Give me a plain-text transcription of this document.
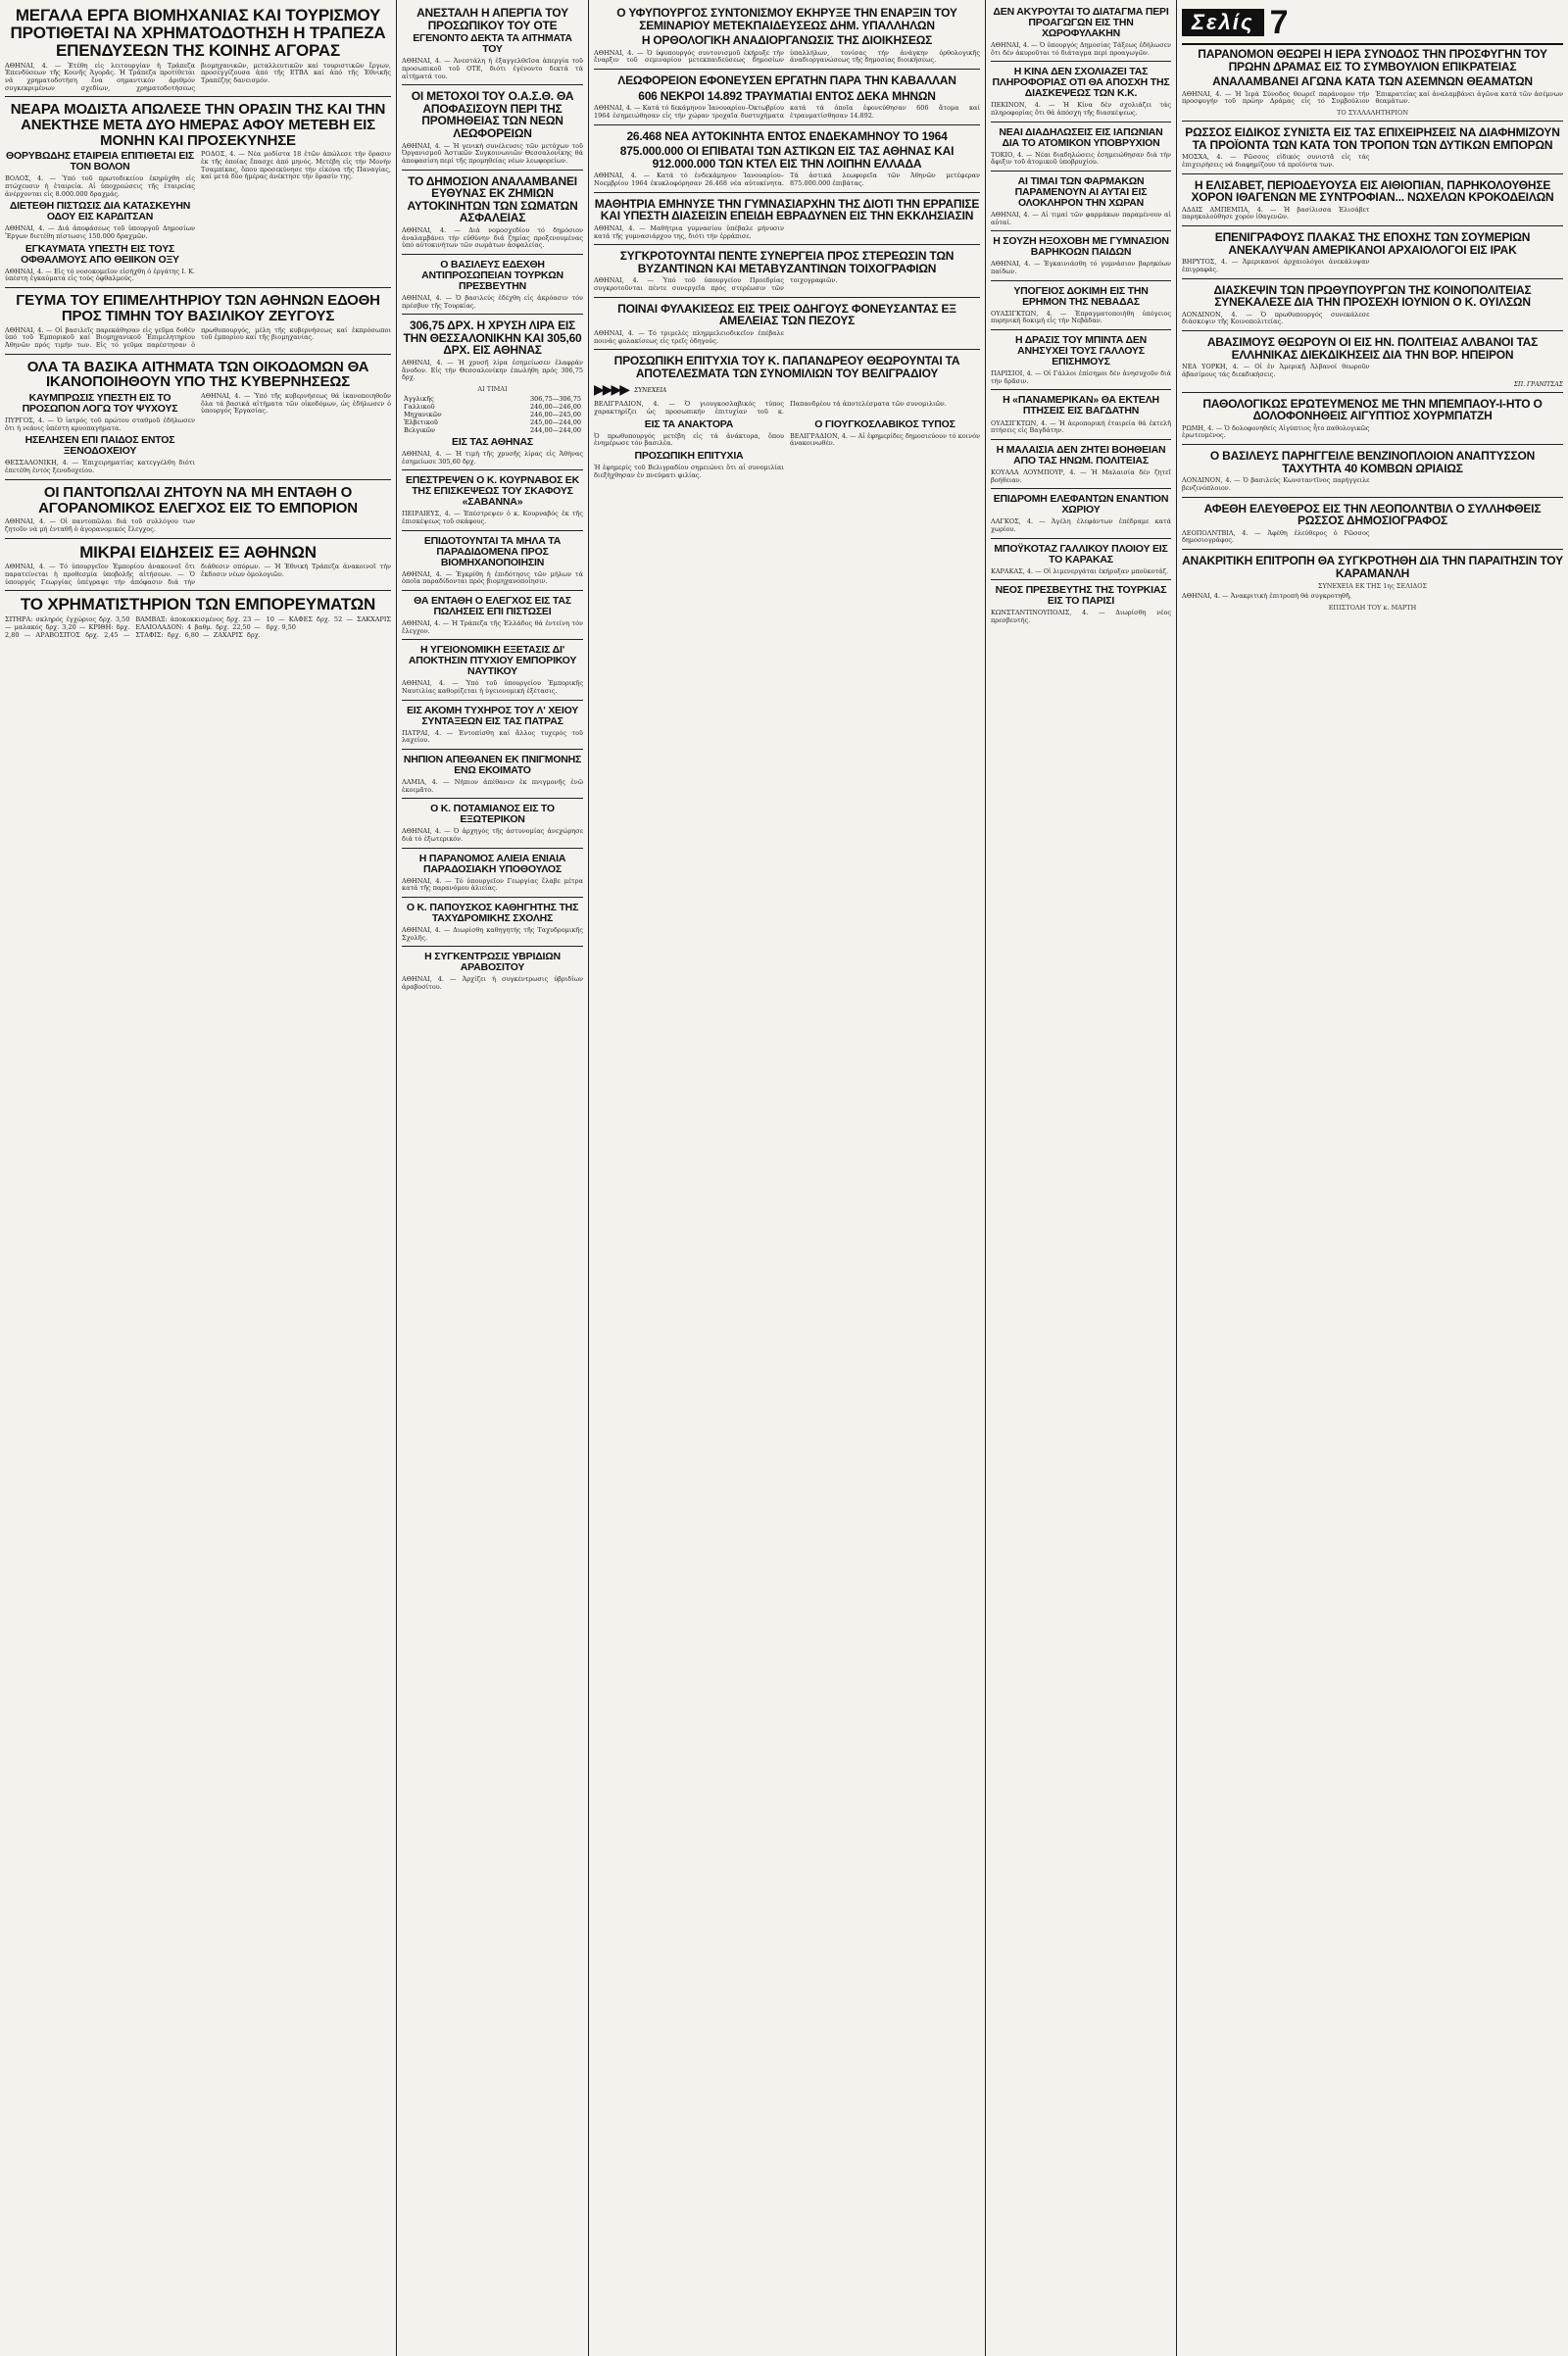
ΜΕΓΑΛΑ ΕΡΓΑ ΒΙΟΜΗΧΑΝΙΑΣ ΚΑΙ ΤΟΥΡΙΣΜΟΥ ΠΡΟΤΙΘΕΤΑΙ ΝΑ ΧΡΗΜΑΤΟΔΟΤΗΣΗ Η ΤΡΑΠΕΖΑ ΕΠΕΝΔΥΣΕΩΝ ΤΗΣ ΚΟΙΝΗΣ ΑΓΟΡΑΣ
ΑΘΗΝΑΙ, 4. — Ἐτέθη εἰς λειτουργίαν ἡ Τράπεζα Ἐπενδύσεων τῆς Κοινῆς Ἀγορᾶς. Ἡ Τράπεζα προτίθεται νά χρηματοδοτήση ἕνα σημαντικόν ἀριθμόν συγκεκριμένων σχεδίων, χρηματοδοτήσεως βιομηχανικῶν, μεταλλευτικῶν καί τουριστικῶν ἔργων, προσεγγίζουσα ἀπό τῆς ΕΤΒΑ καί ἀπό τῆς Ἐθνικῆς Τραπέζης δανεισμόν.
ΝΕΑΡΑ ΜΟΔΙΣΤΑ ΑΠΩΛΕΣΕ ΤΗΝ ΟΡΑΣΙΝ ΤΗΣ ΚΑΙ ΤΗΝ ΑΝΕΚΤΗΣΕ ΜΕΤΑ ΔΥΟ ΗΜΕΡΑΣ ΑΦΟΥ ΜΕΤΕΒΗ ΕΙΣ ΜΟΝΗΝ ΚΑΙ ΠΡΟΣΕΚΥΝΗΣΕ
ΘΟΡΥΒΩΔΗΣ ΕΤΑΙΡΕΙΑ ΕΠΙΤΙΘΕΤΑΙ ΕΙΣ ΤΟΝ ΒΟΛΟΝ
ΒΟΛΟΣ, 4. — Ὑπό τοῦ πρωτοδικείου ἐκηρύχθη εἰς πτώχευσιν ἡ ἑταιρεία. Αἱ ὑποχρεώσεις τῆς ἑταιρείας ἀνέρχονται εἰς 8.000.000 δραχμάς.
ΔΙΕΤΕΘΗ ΠΙΣΤΩΣΙΣ ΔΙΑ ΚΑΤΑΣΚΕΥΗΝ ΟΔΟΥ ΕΙΣ ΚΑΡΔΙΤΣΑΝ
ΑΘΗΝΑΙ, 4. — Διά ἀποφάσεως τοῦ ὑπουργοῦ Δημοσίων Ἔργων διετέθη πίστωσις 150.000 δραχμῶν.
ΕΓΚΑΥΜΑΤΑ ΥΠΕΣΤΗ ΕΙΣ ΤΟΥΣ ΟΦΘΑΛΜΟΥΣ ΑΠΟ ΘΕΙΙΚΟΝ ΟΞΥ
ΑΘΗΝΑΙ, 4. — Εἰς τό νοσοκομεῖον εἰσήχθη ὁ ἐργάτης Ι. Κ. ὑπέστη ἐγκαύματα εἰς τούς ὀφθαλμούς.
ΡΟΔΟΣ, 4. — Νέα μοδίστα 18 ἐτῶν ἀπώλεσε τήν ὅρασιν ἐκ τῆς ὁποίας ἔπασχε ἀπό μηνός. Μετέβη εἰς τήν Μονήν Τσαμπίκας, ὅπου προσεκύνησε τήν εἰκόνα τῆς Παναγίας, καί μετά δύο ἡμέρας ἀνέκτησε τήν ὅρασίν της.
ΓΕΥΜΑ ΤΟΥ ΕΠΙΜΕΛΗΤΗΡΙΟΥ ΤΩΝ ΑΘΗΝΩΝ ΕΔΟΘΗ ΠΡΟΣ ΤΙΜΗΝ ΤΟΥ ΒΑΣΙΛΙΚΟΥ ΖΕΥΓΟΥΣ
ΑΘΗΝΑΙ, 4. — Οἱ βασιλεῖς παρεκάθησαν εἰς γεῦμα δοθέν ὑπό τοῦ Ἐμπορικοῦ καί Βιομηχανικοῦ Ἐπιμελητηρίου Ἀθηνῶν πρός τιμήν των. Εἰς τό γεῦμα παρέστησαν ὁ πρωθυπουργός, μέλη τῆς κυβερνήσεως καί ἐκπρόσωποι τοῦ ἐμπορίου καί τῆς βιομηχανίας.
ΟΛΑ ΤΑ ΒΑΣΙΚΑ ΑΙΤΗΜΑΤΑ ΤΩΝ ΟΙΚΟΔΟΜΩΝ ΘΑ ΙΚΑΝΟΠΟΙΗΘΟΥΝ ΥΠΟ ΤΗΣ ΚΥΒΕΡΝΗΣΕΩΣ
ΚΑΥΜΠΡΩΣΙΣ ΥΠΕΣΤΗ ΕΙΣ ΤΟ ΠΡΟΣΩΠΟΝ ΛΟΓΩ ΤΟΥ ΨΥΧΟΥΣ
ΠΥΡΓΟΣ, 4. — Ὁ ἰατρός τοῦ πρώτου σταθμοῦ ἐδήλωσεν ὅτι ἡ νεάνις ὑπέστη κρυοπαγήματα.
ΗΣΕΛΗΣΕΝ ΕΠΙ ΠΑΙΔΟΣ ΕΝΤΟΣ ΞΕΝΟΔΟΧΕΙΟΥ
ΘΕΣΣΑΛΟΝΙΚΗ, 4. — Ἐπιχειρηματίας κατεγγέλθη διότι ἐπετέθη ἐντός ξενοδοχείου.
ΑΘΗΝΑΙ, 4. — Ὑπό τῆς κυβερνήσεως θά ἱκανοποιηθοῦν ὅλα τά βασικά αἰτήματα τῶν οἰκοδόμων, ὡς ἐδήλωσεν ὁ ὑπουργός Ἐργασίας.
ΟΙ ΠΑΝΤΟΠΩΛΑΙ ΖΗΤΟΥΝ ΝΑ ΜΗ ΕΝΤΑΘΗ Ο ΑΓΟΡΑΝΟΜΙΚΟΣ ΕΛΕΓΧΟΣ ΕΙΣ ΤΟ ΕΜΠΟΡΙΟΝ
ΑΘΗΝΑΙ, 4. — Οἱ παντοπῶλαι διά τοῦ συλλόγου των ζητοῦν νά μή ἐνταθῆ ὁ ἀγορανομικός ἔλεγχος.
ΜΙΚΡΑΙ ΕΙΔΗΣΕΙΣ ΕΞ ΑΘΗΝΩΝ
ΑΘΗΝΑΙ, 4. — Τό ὑπουργεῖον Ἐμπορίου ἀνακοινοῖ ὅτι παρατείνεται ἡ προθεσμία ὑποβολῆς αἰτήσεων. — Ὁ ὑπουργός Γεωργίας ὑπέγραψε τήν ἀπόφασιν διά τήν διάθεσιν σπόρων. — Ἡ Ἐθνική Τράπεζα ἀνακοινοῖ τήν ἔκδοσιν νέων ὁμολογιῶν.
ΤΟ ΧΡΗΜΑΤΙΣΤΗΡΙΟΝ ΤΩΝ ΕΜΠΟΡΕΥΜΑΤΩΝ
ΣΙΤΗΡΑ: σκληρός ἐγχώριος δρχ. 3,50 — μαλακός δρχ. 3,20 — ΚΡΙΘΗ: δρχ. 2,80 — ΑΡΑΒΟΣΙΤΟΣ δρχ. 2,45 — ΒΑΜΒΑΞ: ἀποκοκκισμένος δρχ. 23 — ΕΛΑΙΟΛΑΔΟΝ: 4 βαθμ. δρχ. 22,50 — ΣΤΑΦΙΣ: δρχ. 6,80 — ΖΑΧΑΡΙΣ δρχ. 10 — ΚΑΦΕΣ δρχ. 52 — ΣΑΚΧΑΡΙΣ δρχ. 9,50
ΑΝΕΣΤΑΛΗ Η ΑΠΕΡΓΙΑ ΤΟΥ ΠΡΟΣΩΠΙΚΟΥ ΤΟΥ ΟΤΕ
ΕΓΕΝΟΝΤΟ ΔΕΚΤΑ ΤΑ ΑΙΤΗΜΑΤΑ ΤΟΥ
ΑΘΗΝΑΙ, 4. — Ἀνεστάλη ἡ ἐξαγγελθεῖσα ἀπεργία τοῦ προσωπικοῦ τοῦ ΟΤΕ, διότι ἐγένοντο δεκτά τά αἰτήματά του.
ΟΙ ΜΕΤΟΧΟΙ ΤΟΥ Ο.Α.Σ.Θ. ΘΑ ΑΠΟΦΑΣΙΣΟΥΝ ΠΕΡΙ ΤΗΣ ΠΡΟΜΗΘΕΙΑΣ ΤΩΝ ΝΕΩΝ ΛΕΩΦΟΡΕΙΩΝ
ΑΘΗΝΑΙ, 4. — Ἡ γενική συνέλευσις τῶν μετόχων τοῦ Ὀργανισμοῦ Ἀστικῶν Συγκοινωνιῶν Θεσσαλονίκης θά ἀποφασίση περί τῆς προμηθείας νέων λεωφορείων.
ΤΟ ΔΗΜΟΣΙΟΝ ΑΝΑΛΑΜΒΑΝΕΙ ΕΥΘΥΝΑΣ ΕΚ ΖΗΜΙΩΝ ΑΥΤΟΚΙΝΗΤΩΝ ΤΩΝ ΣΩΜΑΤΩΝ ΑΣΦΑΛΕΙΑΣ
ΑΘΗΝΑΙ, 4. — Διά νομοσχεδίου τό δημόσιον ἀναλαμβάνει τήν εὐθύνην διά ζημίας προξενουμένας ὑπό αὐτοκινήτων τῶν σωμάτων ἀσφαλείας.
Ο ΒΑΣΙΛΕΥΣ ΕΔΕΧΘΗ ΑΝΤΙΠΡΟΣΩΠΕΙΑΝ ΤΟΥΡΚΩΝ ΠΡΕΣΒΕΥΤΗΝ
ΑΘΗΝΑΙ, 4. — Ὁ βασιλεύς ἐδέχθη εἰς ἀκρόασιν τόν πρέσβυν τῆς Τουρκίας.
306,75 ΔΡΧ. Η ΧΡΥΣΗ ΛΙΡΑ ΕΙΣ ΤΗΝ ΘΕΣΣΑΛΟΝΙΚΗΝ ΚΑΙ 305,60 ΔΡΧ. ΕΙΣ ΑΘΗΝΑΣ
ΑΘΗΝΑΙ, 4. — Ἡ χρυσῆ λίρα ἐσημείωσεν ἐλαφράν ἄνοδον. Εἰς τήν Θεσσαλονίκην ἐπωλήθη πρός 306,75 δρχ.
ΑΙ ΤΙΜΑΙ
Ἀγγλικῆς	306,75—306,75
Γαλλικοῦ	246,00—246,00
Μηχανικῶν	246,00—245,00
Ἐλβετικοῦ	245,00—244,00
Βελγικῶν	244,00—244,00
ΕΙΣ ΤΑΣ ΑΘΗΝΑΣ
ΑΘΗΝΑΙ, 4. — Ἡ τιμή τῆς χρυσῆς λίρας εἰς Ἀθήνας ἐσημείωσε 305,60 δρχ.
ΕΠΕΣΤΡΕΨΕΝ Ο Κ. ΚΟΥΡΝΑΒΟΣ ΕΚ ΤΗΣ ΕΠΙΣΚΕΨΕΩΣ ΤΟΥ ΣΚΑΦΟΥΣ «ΣΑΒΑΝΝΑ»
ΠΕΙΡΑΙΕΥΣ, 4. — Ἐπέστρεψεν ὁ κ. Κουρναβός ἐκ τῆς ἐπισκέψεως τοῦ σκάφους.
ΕΠΙΔΟΤΟΥΝΤΑΙ ΤΑ ΜΗΛΑ ΤΑ ΠΑΡΑΔΙΔΟΜΕΝΑ ΠΡΟΣ ΒΙΟΜΗΧΑΝΟΠΟΙΗΣΙΝ
ΑΘΗΝΑΙ, 4. — Ἐγκρίθη ἡ ἐπιδότησις τῶν μήλων τά ὁποῖα παραδίδονται πρός βιομηχανοποίησιν.
ΘΑ ΕΝΤΑΘΗ Ο ΕΛΕΓΧΟΣ ΕΙΣ ΤΑΣ ΠΩΛΗΣΕΙΣ ΕΠΙ ΠΙΣΤΩΣΕΙ
ΑΘΗΝΑΙ, 4. — Ἡ Τράπεζα τῆς Ἑλλάδος θά ἐντείνη τόν ἔλεγχον.
Η ΥΓΕΙΟΝΟΜΙΚΗ ΕΞΕΤΑΣΙΣ ΔΙ' ΑΠΟΚΤΗΣΙΝ ΠΤΥΧΙΟΥ ΕΜΠΟΡΙΚΟΥ ΝΑΥΤΙΚΟΥ
ΑΘΗΝΑΙ, 4. — Ὑπό τοῦ ὑπουργείου Ἐμπορικῆς Ναυτιλίας καθορίζεται ἡ ὑγειονομική ἐξέτασις.
ΕΙΣ ΑΚΟΜΗ ΤΥΧΗΡΟΣ ΤΟΥ Λ' ΧΕΙΟΥ ΣΥΝΤΑΞΕΩΝ ΕΙΣ ΤΑΣ ΠΑΤΡΑΣ
ΠΑΤΡΑΙ, 4. — Ἐντοπίσθη καί ἄλλος τυχερός τοῦ λαχείου.
ΝΗΠΙΟΝ ΑΠΕΘΑΝΕΝ ΕΚ ΠΝΙΓΜΟΝΗΣ ΕΝΩ ΕΚΟΙΜΑΤΟ
ΛΑΜΙΑ, 4. — Νήπιον ἀπέθανεν ἐκ πνιγμονῆς ἐνῶ ἐκοιμᾶτο.
Ο Κ. ΠΟΤΑΜΙΑΝΟΣ ΕΙΣ ΤΟ ΕΞΩΤΕΡΙΚΟΝ
ΑΘΗΝΑΙ, 4. — Ὁ ἀρχηγός τῆς ἀστυνομίας ἀνεχώρησε διά τό ἐξωτερικόν.
Η ΠΑΡΑΝΟΜΟΣ ΑΛΙΕΙΑ ΕΝΙΑΙΑ ΠΑΡΑΔΟΣΙΑΚΗ ΥΠΟΘΟΥΛΟΣ
ΑΘΗΝΑΙ, 4. — Τό ὑπουργεῖον Γεωργίας ἔλαβε μέτρα κατά τῆς παρανόμου ἁλιείας.
Ο Κ. ΠΑΠΟΥΣΚΟΣ ΚΑΘΗΓΗΤΗΣ ΤΗΣ ΤΑΧΥΔΡΟΜΙΚΗΣ ΣΧΟΛΗΣ
ΑΘΗΝΑΙ, 4. — Διωρίσθη καθηγητής τῆς Ταχυδρομικῆς Σχολῆς.
Η ΣΥΓΚΕΝΤΡΩΣΙΣ ΥΒΡΙΔΙΩΝ ΑΡΑΒΟΣΙΤΟΥ
ΑΘΗΝΑΙ, 4. — Ἀρχίζει ἡ συγκέντρωσις ὑβριδίων ἀραβοσίτου.
Ο ΥΦΥΠΟΥΡΓΟΣ ΣΥΝΤΟΝΙΣΜΟΥ ΕΚΗΡΥΞΕ ΤΗΝ ΕΝΑΡΞΙΝ ΤΟΥ ΣΕΜΙΝΑΡΙΟΥ ΜΕΤΕΚΠΑΙΔΕΥΣΕΩΣ ΔΗΜ. ΥΠΑΛΛΗΛΩΝ
Η ΟΡΘΟΛΟΓΙΚΗ ΑΝΑΔΙΟΡΓΑΝΩΣΙΣ ΤΗΣ ΔΙΟΙΚΗΣΕΩΣ
ΑΘΗΝΑΙ, 4. — Ὁ ὑφυπουργός συντονισμοῦ ἐκήρυξε τήν ἔναρξιν τοῦ σεμιναρίου μετεκπαιδεύσεως δημοσίων ὑπαλλήλων, τονίσας τήν ἀνάγκην ὀρθολογικῆς ἀναδιοργανώσεως τῆς δημοσίας διοικήσεως.
ΛΕΩΦΟΡΕΙΟΝ ΕΦΟΝΕΥΣΕΝ ΕΡΓΑΤΗΝ ΠΑΡΑ ΤΗΝ ΚΑΒΑΛΛΑΝ
606 ΝΕΚΡΟΙ 14.892 ΤΡΑΥΜΑΤΙΑΙ ΕΝΤΟΣ ΔΕΚΑ ΜΗΝΩΝ
ΑΘΗΝΑΙ, 4. — Κατά τό δεκάμηνον Ἰανουαρίου–Ὀκτωβρίου 1964 ἐσημειώθησαν εἰς τήν χώραν τροχαῖα δυστυχήματα κατά τά ὁποῖα ἐφονεύθησαν 606 ἄτομα καί ἐτραυματίσθησαν 14.892.
26.468 ΝΕΑ ΑΥΤΟΚΙΝΗΤΑ ΕΝΤΟΣ ΕΝΔΕΚΑΜΗΝΟΥ ΤΟ 1964
875.000.000 ΟΙ ΕΠΙΒΑΤΑΙ ΤΩΝ ΑΣΤΙΚΩΝ ΕΙΣ ΤΑΣ ΑΘΗΝΑΣ ΚΑΙ 912.000.000 ΤΩΝ ΚΤΕΛ ΕΙΣ ΤΗΝ ΛΟΙΠΗΝ ΕΛΛΑΔΑ
ΑΘΗΝΑΙ, 4. — Κατά τό ἑνδεκάμηνον Ἰανουαρίου–Νοεμβρίου 1964 ἐκυκλοφόρησαν 26.468 νέα αὐτοκίνητα. Τά ἀστικά λεωφορεῖα τῶν Ἀθηνῶν μετέφεραν 875.000.000 ἐπιβάτας.
ΜΑΘΗΤΡΙΑ ΕΜΗΝΥΣΕ ΤΗΝ ΓΥΜΝΑΣΙΑΡΧΗΝ ΤΗΣ ΔΙΟΤΙ ΤΗΝ ΕΡΡΑΠΙΣΕ ΚΑΙ ΥΠΕΣΤΗ ΔΙΑΣΕΙΣΙΝ ΕΠΕΙΔΗ ΕΒΡΑΔΥΝΕΝ ΕΙΣ ΤΗΝ ΕΚΚΛΗΣΙΑΣΙΝ
ΑΘΗΝΑΙ, 4. — Μαθήτρια γυμνασίου ὑπέβαλε μήνυσιν κατά τῆς γυμνασιάρχου της, διότι τήν ἐρράπισε.
ΣΥΓΚΡΟΤΟΥΝΤΑΙ ΠΕΝΤΕ ΣΥΝΕΡΓΕΙΑ ΠΡΟΣ ΣΤΕΡΕΩΣΙΝ ΤΩΝ ΒΥΖΑΝΤΙΝΩΝ ΚΑΙ ΜΕΤΑΒΥΖΑΝΤΙΝΩΝ ΤΟΙΧΟΓΡΑΦΙΩΝ
ΑΘΗΝΑΙ, 4. — Ὑπό τοῦ ὑπουργείου Προεδρίας συγκροτοῦνται πέντε συνεργεῖα πρός στερέωσιν τῶν τοιχογραφιῶν.
ΠΟΙΝΑΙ ΦΥΛΑΚΙΣΕΩΣ ΕΙΣ ΤΡΕΙΣ ΟΔΗΓΟΥΣ ΦΟΝΕΥΣΑΝΤΑΣ ΕΞ ΑΜΕΛΕΙΑΣ ΤΩΝ ΠΕΖΟΥΣ
ΑΘΗΝΑΙ, 4. — Τό τριμελές πλημμελειοδικεῖον ἐπέβαλε ποινάς φυλακίσεως εἰς τρεῖς ὁδηγούς.
ΠΡΟΣΩΠΙΚΗ ΕΠΙΤΥΧΙΑ ΤΟΥ Κ. ΠΑΠΑΝΔΡΕΟΥ ΘΕΩΡΟΥΝΤΑΙ ΤΑ ΑΠΟΤΕΛΕΣΜΑΤΑ ΤΩΝ ΣΥΝΟΜΙΛΙΩΝ ΤΟΥ ΒΕΛΙΓΡΑΔΙΟΥ
▶▶▶▶ ΣΥΝΕΧΕΙΑ
ΒΕΛΙΓΡΑΔΙΟΝ, 4. — Ὁ γιουγκοσλαβικός τύπος χαρακτηρίζει ὡς προσωπικήν ἐπιτυχίαν τοῦ κ. Παπανδρέου τά ἀποτελέσματα τῶν συνομιλιῶν.
ΕΙΣ ΤΑ ΑΝΑΚΤΟΡΑ
Ὁ πρωθυπουργός μετέβη εἰς τά ἀνάκτορα, ὅπου ἐνημέρωσε τόν βασιλέα.
ΠΡΟΣΩΠΙΚΗ ΕΠΙΤΥΧΙΑ
Ἡ ἐφημερίς τοῦ Βελιγραδίου σημειώνει ὅτι αἱ συνομιλίαι διεξήχθησαν ἐν πνεύματι φιλίας.
Ο ΓΙΟΥΓΚΟΣΛΑΒΙΚΟΣ ΤΥΠΟΣ
ΒΕΛΙΓΡΑΔΙΟΝ, 4. — Αἱ ἐφημερίδες δημοσιεύουν τό κοινόν ἀνακοινωθέν.
ΔΕΝ ΑΚΥΡΟΥΤΑΙ ΤΟ ΔΙΑΤΑΓΜΑ ΠΕΡΙ ΠΡΟΑΓΩΓΩΝ ΕΙΣ ΤΗΝ ΧΩΡΟΦΥΛΑΚΗΝ
ΑΘΗΝΑΙ, 4. — Ὁ ὑπουργός Δημοσίας Τάξεως ἐδήλωσεν ὅτι δέν ἀκυροῦται τό διάταγμα περί προαγωγῶν.
Η ΚΙΝΑ ΔΕΝ ΣΧΟΛΙΑΖΕΙ ΤΑΣ ΠΛΗΡΟΦΟΡΙΑΣ ΟΤΙ ΘΑ ΑΠΟΣΧΗ ΤΗΣ ΔΙΑΣΚΕΨΕΩΣ ΤΩΝ Κ.Κ.
ΠΕΚΙΝΟΝ, 4. — Ἡ Κίνα δέν σχολιάζει τάς πληροφορίας ὅτι θά ἀπόσχη τῆς διασκέψεως.
ΝΕΑΙ ΔΙΑΔΗΛΩΣΕΙΣ ΕΙΣ ΙΑΠΩΝΙΑΝ ΔΙΑ ΤΟ ΑΤΟΜΙΚΟΝ ΥΠΟΒΡΥΧΙΟΝ
ΤΟΚΙΟ, 4. — Νέαι διαδηλώσεις ἐσημειώθησαν διά τήν ἄφιξιν τοῦ ἀτομικοῦ ὑποβρυχίου.
ΑΙ ΤΙΜΑΙ ΤΩΝ ΦΑΡΜΑΚΩΝ ΠΑΡΑΜΕΝΟΥΝ ΑΙ ΑΥΤΑΙ ΕΙΣ ΟΛΟΚΛΗΡΟΝ ΤΗΝ ΧΩΡΑΝ
ΑΘΗΝΑΙ, 4. — Αἱ τιμαί τῶν φαρμάκων παραμένουν αἱ αὐταί.
Η ΣΟΥΖΗ ΗΞΟΧΟΒΗ ΜΕ ΓΥΜΝΑΣΙΟΝ ΒΑΡΗΚΟΩΝ ΠΑΙΔΩΝ
ΑΘΗΝΑΙ, 4. — Ἐγκαινιάσθη τό γυμνάσιον βαρηκόων παίδων.
ΥΠΟΓΕΙΟΣ ΔΟΚΙΜΗ ΕΙΣ ΤΗΝ ΕΡΗΜΟΝ ΤΗΣ ΝΕΒΑΔΑΣ
ΟΥΑΣΙΓΚΤΩΝ, 4. — Ἐπραγματοποιήθη ὑπόγειος πυρηνική δοκιμή εἰς τήν Νεβάδαν.
Η ΔΡΑΣΙΣ ΤΟΥ ΜΠΙΝΤΑ ΔΕΝ ΑΝΗΣΥΧΕΙ ΤΟΥΣ ΓΑΛΛΟΥΣ ΕΠΙΣΗΜΟΥΣ
ΠΑΡΙΣΙΟΙ, 4. — Οἱ Γάλλοι ἐπίσημοι δέν ἀνησυχοῦν διά τήν δρᾶσιν.
Η «ΠΑΝΑΜΕΡΙΚΑΝ» ΘΑ ΕΚΤΕΛΗ ΠΤΗΣΕΙΣ ΕΙΣ ΒΑΓΔΑΤΗΝ
ΟΥΑΣΙΓΚΤΩΝ, 4. — Ἡ ἀεροπορική ἑταιρεία θά ἐκτελῆ πτήσεις εἰς Βαγδάτην.
Η ΜΑΛΑΙΣΙΑ ΔΕΝ ΖΗΤΕΙ ΒΟΗΘΕΙΑΝ ΑΠΟ ΤΑΣ ΗΝΩΜ. ΠΟΛΙΤΕΙΑΣ
ΚΟΥΑΛΑ ΛΟΥΜΠΟΥΡ, 4. — Ἡ Μαλαισία δέν ζητεῖ βοήθειαν.
ΕΠΙΔΡΟΜΗ ΕΛΕΦΑΝΤΩΝ ΕΝΑΝΤΙΟΝ ΧΩΡΙΟΥ
ΛΑΓΚΟΣ, 4. — Ἀγέλη ἐλεφάντων ἐπέδραμε κατά χωρίου.
ΜΠΟΫΚΟΤΑΖ ΓΑΛΛΙΚΟΥ ΠΛΟΙΟΥ ΕΙΣ ΤΟ ΚΑΡΑΚΑΣ
ΚΑΡΑΚΑΣ, 4. — Οἱ λιμενεργάται ἐκήρυξαν μποϋκοτάζ.
ΝΕΟΣ ΠΡΕΣΒΕΥΤΗΣ ΤΗΣ ΤΟΥΡΚΙΑΣ ΕΙΣ ΤΟ ΠΑΡΙΣΙ
ΚΩΝΣΤΑΝΤΙΝΟΥΠΟΛΙΣ, 4. — Διωρίσθη νέος πρεσβευτής.
Σελίς 7
ΠΑΡΑΝΟΜΟΝ ΘΕΩΡΕΙ Η ΙΕΡΑ ΣΥΝΟΔΟΣ ΤΗΝ ΠΡΟΣΦΥΓΗΝ ΤΟΥ ΠΡΩΗΝ ΔΡΑΜΑΣ ΕΙΣ ΤΟ ΣΥΜΒΟΥΛΙΟΝ ΕΠΙΚΡΑΤΕΙΑΣ
ΑΝΑΛΑΜΒΑΝΕΙ ΑΓΩΝΑ ΚΑΤΑ ΤΩΝ ΑΣΕΜΝΩΝ ΘΕΑΜΑΤΩΝ
ΑΘΗΝΑΙ, 4. — Ἡ Ἱερά Σύνοδος θεωρεῖ παράνομον τήν προσφυγήν τοῦ πρώην Δράμας εἰς τό Συμβούλιον Ἐπικρατείας καί ἀναλαμβάνει ἀγῶνα κατά τῶν ἀσέμνων θεαμάτων.
ΤΟ ΣΥΛΛΑΛΗΤΗΡΙΟΝ
ΡΩΣΣΟΣ ΕΙΔΙΚΟΣ ΣΥΝΙΣΤΑ ΕΙΣ ΤΑΣ ΕΠΙΧΕΙΡΗΣΕΙΣ ΝΑ ΔΙΑΦΗΜΙΖΟΥΝ ΤΑ ΠΡΟΪΟΝΤΑ ΤΩΝ ΚΑΤΑ ΤΟΝ ΤΡΟΠΟΝ ΤΩΝ ΔΥΤΙΚΩΝ ΕΜΠΟΡΩΝ
ΜΟΣΧΑ, 4. — Ρῶσσος εἰδικός συνιστᾶ εἰς τάς ἐπιχειρήσεις νά διαφημίζουν τά προϊόντα των.
Η ΕΛΙΣΑΒΕΤ, ΠΕΡΙΟΔΕΥΟΥΣΑ ΕΙΣ ΑΙΘΙΟΠΙΑΝ, ΠΑΡΗΚΟΛΟΥΘΗΣΕ ΧΟΡΟΝ ΙΘΑΓΕΝΩΝ ΜΕ ΣΥΝΤΡΟΦΙΑΝ... ΝΩΧΕΛΩΝ ΚΡΟΚΟΔΕΙΛΩΝ
ΑΔΔΙΣ ΑΜΠΕΜΠΑ, 4. — Ἡ βασίλισσα Ἐλισάβετ παρηκολούθησε χορόν ἰθαγενῶν.
ΕΠΕΝΙΓΡΑΦΟΥΣ ΠΛΑΚΑΣ ΤΗΣ ΕΠΟΧΗΣ ΤΩΝ ΣΟΥΜΕΡΙΩΝ ΑΝΕΚΑΛΥΨΑΝ ΑΜΕΡΙΚΑΝΟΙ ΑΡΧΑΙΟΛΟΓΟΙ ΕΙΣ ΙΡΑΚ
ΒΗΡΥΤΟΣ, 4. — Ἀμερικανοί ἀρχαιολόγοι ἀνεκάλυψαν ἐπιγραφάς.
ΔΙΑΣΚΕΨΙΝ ΤΩΝ ΠΡΩΘΥΠΟΥΡΓΩΝ ΤΗΣ ΚΟΙΝΟΠΟΛΙΤΕΙΑΣ ΣΥΝΕΚΑΛΕΣΕ ΔΙΑ ΤΗΝ ΠΡΟΣΕΧΗ ΙΟΥΝΙΟΝ Ο Κ. ΟΥΙΛΣΩΝ
ΛΟΝΔΙΝΟΝ, 4. — Ὁ πρωθυπουργός συνεκάλεσε διάσκεψιν τῆς Κοινοπολιτείας.
ΑΒΑΣΙΜΟΥΣ ΘΕΩΡΟΥΝ ΟΙ ΕΙΣ ΗΝ. ΠΟΛΙΤΕΙΑΣ ΑΛΒΑΝΟΙ ΤΑΣ ΕΛΛΗΝΙΚΑΣ ΔΙΕΚΔΙΚΗΣΕΙΣ ΔΙΑ ΤΗΝ ΒΟΡ. ΗΠΕΙΡΟΝ
ΝΕΑ ΥΟΡΚΗ, 4. — Οἱ ἐν Ἀμερικῇ Ἀλβανοί θεωροῦν ἀβασίμους τάς διεκδικήσεις.
ΣΠ. ΓΡΑΝΙΤΣΑΣ
ΠΑΘΟΛΟΓΙΚΩΣ ΕΡΩΤΕΥΜΕΝΟΣ ΜΕ ΤΗΝ ΜΠΕΜΠΑΟΥ-Ι-ΗΤΟ Ο ΔΟΛΟΦΟΝΗΘΕΙΣ ΑΙΓΥΠΤΙΟΣ ΧΟΥΡΜΠΑΤΖΗ
ΡΩΜΗ, 4. — Ὁ δολοφονηθείς Αἰγύπτιος ἦτο παθολογικῶς ἐρωτευμένος.
Ο ΒΑΣΙΛΕΥΣ ΠΑΡΗΓΓΕΙΛΕ ΒΕΝΖΙΝΟΠΛΟΙΟΝ ΑΝΑΠΤΥΣΣΟΝ ΤΑΧΥΤΗΤΑ 40 ΚΟΜΒΩΝ ΩΡΙΑΙΩΣ
ΛΟΝΔΙΝΟΝ, 4. — Ὁ βασιλεύς Κωνσταντῖνος παρήγγειλε βενζινόπλοιον.
ΑΦΕΘΗ ΕΛΕΥΘΕΡΟΣ ΕΙΣ ΤΗΝ ΛΕΟΠΟΛΝΤΒΙΛ Ο ΣΥΛΛΗΦΘΕΙΣ ΡΩΣΣΟΣ ΔΗΜΟΣΙΟΓΡΑΦΟΣ
ΛΕΟΠΟΛΝΤΒΙΛ, 4. — Ἀφέθη ἐλεύθερος ὁ Ρῶσσος δημοσιογράφος.
ΑΝΑΚΡΙΤΙΚΗ ΕΠΙΤΡΟΠΗ ΘΑ ΣΥΓΚΡΟΤΗΘΗ ΔΙΑ ΤΗΝ ΠΑΡΑΙΤΗΣΙΝ ΤΟΥ ΚΑΡΑΜΑΝΛΗ
ΣΥΝΕΧΕΙΑ ΕΚ ΤΗΣ 1ης ΣΕΛΙΔΟΣ
ΑΘΗΝΑΙ, 4. — Ἀνακριτική ἐπιτροπή θά συγκροτηθῆ.
ΕΠΙΣΤΟΛΗ ΤΟΥ κ. ΜΑΡΤΗ
